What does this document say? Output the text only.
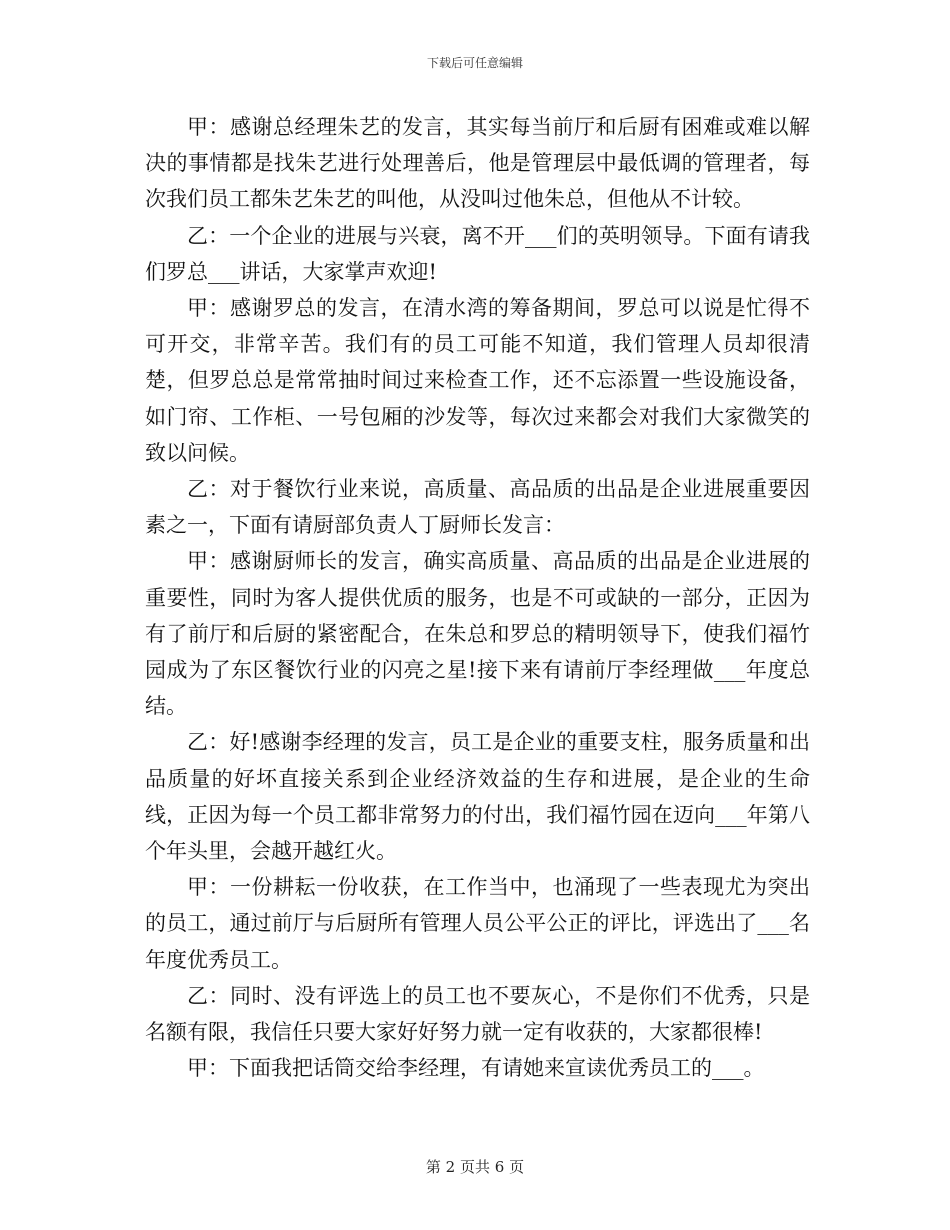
下载后可任意编辑

甲：感谢总经理朱艺的发言，其实每当前厅和后厨有困难或难以解决的事情都是找朱艺进行处理善后，他是管理层中最低调的管理者，每次我们员工都朱艺朱艺的叫他，从没叫过他朱总，但他从不计较。

乙：一个企业的进展与兴衰，离不开___们的英明领导。下面有请我们罗总___讲话，大家掌声欢迎!

甲：感谢罗总的发言，在清水湾的筹备期间，罗总可以说是忙得不可开交，非常辛苦。我们有的员工可能不知道，我们管理人员却很清楚，但罗总总是常常抽时间过来检查工作，还不忘添置一些设施设备，如门帘、工作柜、一号包厢的沙发等，每次过来都会对我们大家微笑的致以问候。

乙：对于餐饮行业来说，高质量、高品质的出品是企业进展重要因素之一，下面有请厨部负责人丁厨师长发言：

甲：感谢厨师长的发言，确实高质量、高品质的出品是企业进展的重要性，同时为客人提供优质的服务，也是不可或缺的一部分，正因为有了前厅和后厨的紧密配合，在朱总和罗总的精明领导下，使我们福竹园成为了东区餐饮行业的闪亮之星!接下来有请前厅李经理做___年度总结。

乙：好!感谢李经理的发言，员工是企业的重要支柱，服务质量和出品质量的好坏直接关系到企业经济效益的生存和进展，是企业的生命线，正因为每一个员工都非常努力的付出，我们福竹园在迈向___年第八个年头里，会越开越红火。

甲：一份耕耘一份收获，在工作当中，也涌现了一些表现尤为突出的员工，通过前厅与后厨所有管理人员公平公正的评比，评选出了___名年度优秀员工。

乙：同时、没有评选上的员工也不要灰心，不是你们不优秀，只是名额有限，我信任只要大家好好努力就一定有收获的，大家都很棒!

甲：下面我把话筒交给李经理，有请她来宣读优秀员工的___。

第 2 页共 6 页
